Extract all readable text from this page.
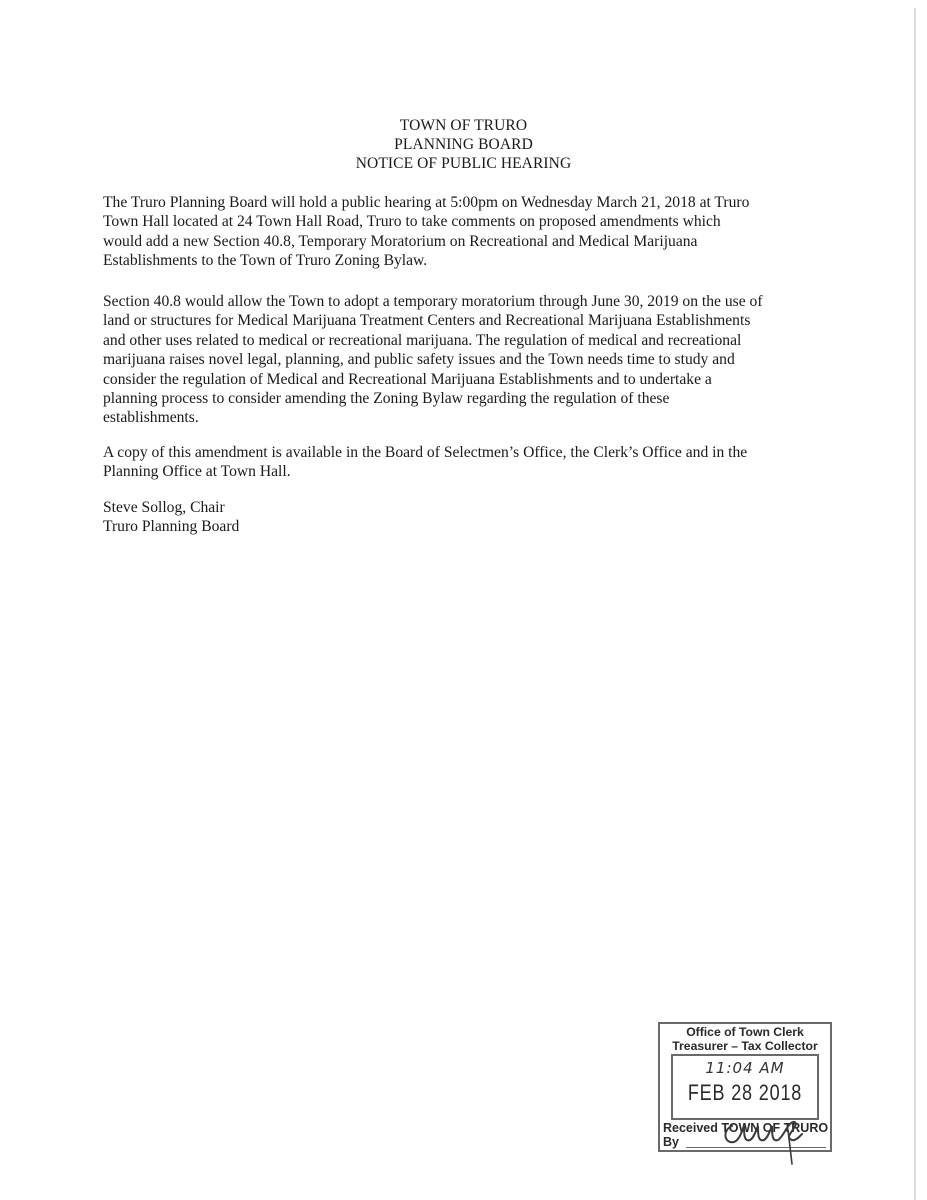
TOWN OF TRURO
PLANNING BOARD
NOTICE OF PUBLIC HEARING

The Truro Planning Board will hold a public hearing at 5:00pm on Wednesday March 21, 2018 at Truro
Town Hall located at 24 Town Hall Road, Truro to take comments on proposed amendments which
would add a new Section 40.8, Temporary Moratorium on Recreational and Medical Marijuana
Establishments to the Town of Truro Zoning Bylaw.

Section 40.8 would allow the Town to adopt a temporary moratorium through June 30, 2019 on the use of
land or structures for Medical Marijuana Treatment Centers and Recreational Marijuana Establishments
and other uses related to medical or recreational marijuana. The regulation of medical and recreational
marijuana raises novel legal, planning, and public safety issues and the Town needs time to study and
consider the regulation of Medical and Recreational Marijuana Establishments and to undertake a
planning process to consider amending the Zoning Bylaw regarding the regulation of these
establishments.

A copy of this amendment is available in the Board of Selectmen’s Office, the Clerk’s Office and in the
Planning Office at Town Hall.

Steve Sollog, Chair
Truro Planning Board

Office of Town Clerk
Treasurer – Tax Collector
11:04 AM
FEB 28 2018
Received TOWN OF TRURO
By
